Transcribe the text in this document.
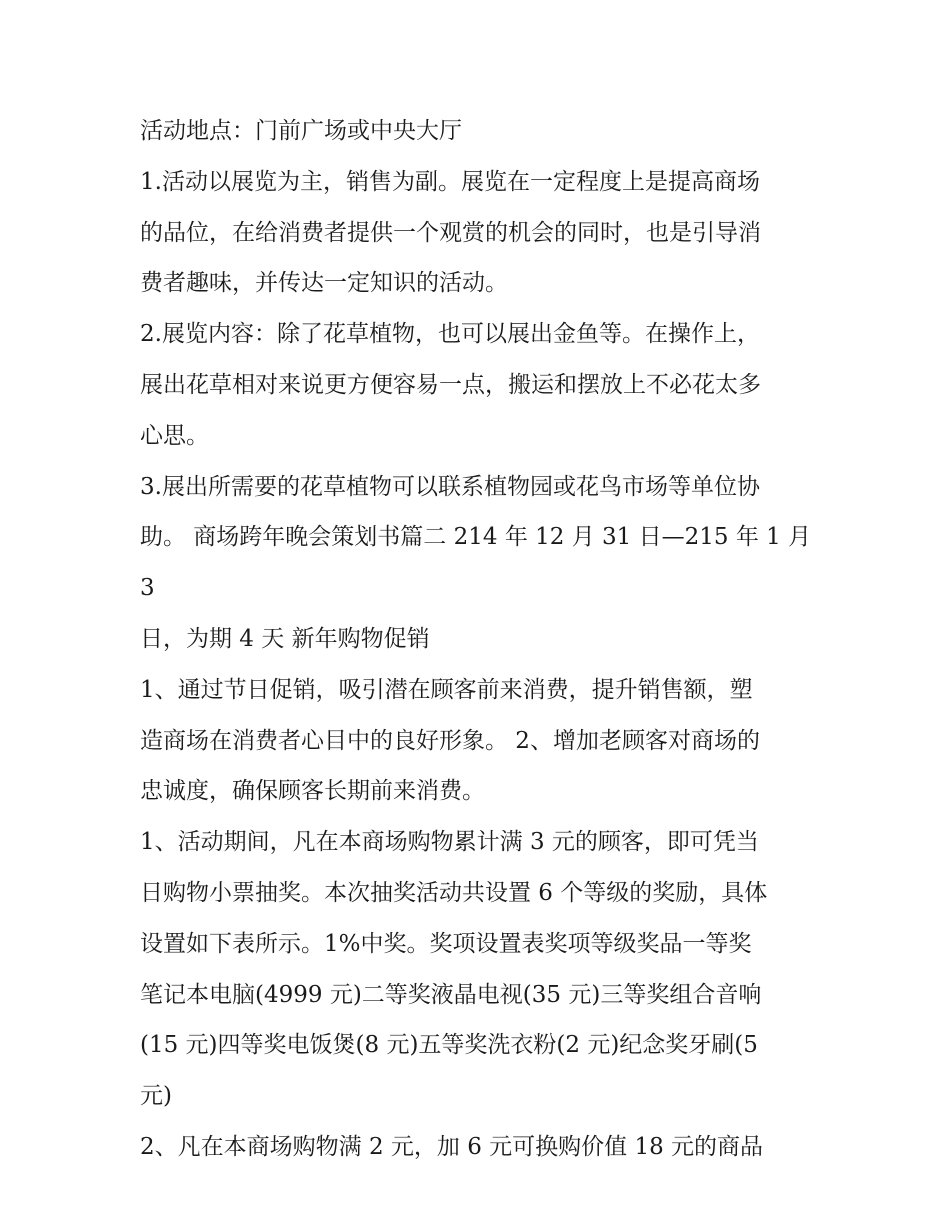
活动地点：门前广场或中央大厅

1.活动以展览为主，销售为副。展览在一定程度上是提高商场
的品位，在给消费者提供一个观赏的机会的同时，也是引导消
费者趣味，并传达一定知识的活动。

2.展览内容：除了花草植物，也可以展出金鱼等。在操作上，
展出花草相对来说更方便容易一点，搬运和摆放上不必花太多
心思。

3.展出所需要的花草植物可以联系植物园或花鸟市场等单位协
助。 商场跨年晚会策划书篇二 214 年 12 月 31 日—215 年 1 月 3
日，为期 4 天 新年购物促销

1、通过节日促销，吸引潜在顾客前来消费，提升销售额，塑
造商场在消费者心目中的良好形象。 2、增加老顾客对商场的
忠诚度，确保顾客长期前来消费。

1、活动期间，凡在本商场购物累计满 3 元的顾客，即可凭当
日购物小票抽奖。本次抽奖活动共设置 6 个等级的奖励，具体
设置如下表所示。1%中奖。奖项设置表奖项等级奖品一等奖
笔记本电脑(4999 元)二等奖液晶电视(35 元)三等奖组合音响
(15 元)四等奖电饭煲(8 元)五等奖洗衣粉(2 元)纪念奖牙刷(5
元)

2、凡在本商场购物满 2 元，加 6 元可换购价值 18 元的商品
